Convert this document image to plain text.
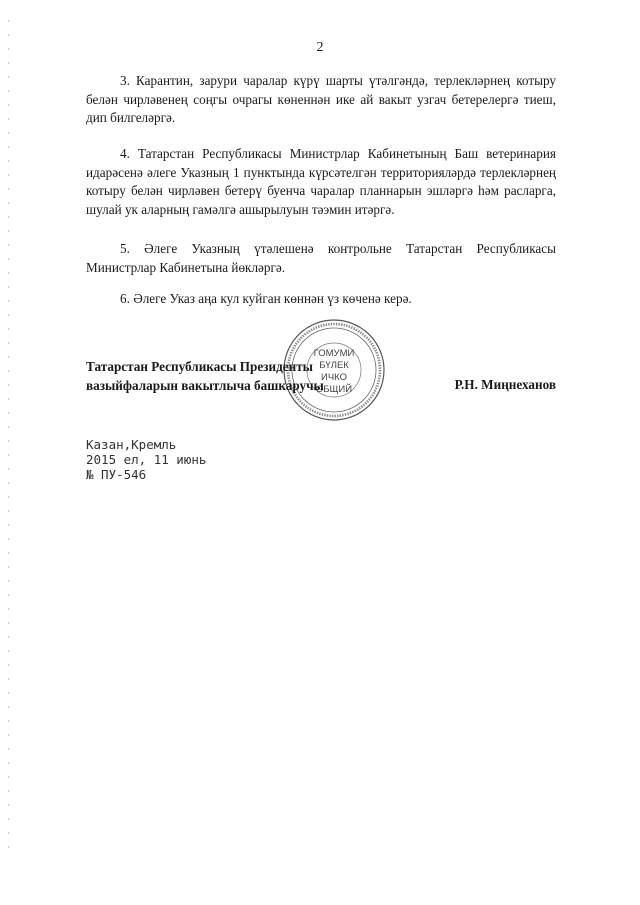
2
3. Карантин, зарури чаралар күрү шарты үтәлгәндә, терлекләрнең котыру белән чирләвенең соңгы очрагы көненнән ике ай вакыт узгач бетерелергә тиеш, дип билгеләргә.
4. Татарстан Республикасы Министрлар Кабинетының Баш ветеринария идарәсенә әлеге Указның 1 пунктында күрсәтелгән территорияләрдә терлекләрнең котыру белән чирләвен бетерү буенча чаралар планнарын эшләргә һәм расларга, шулай ук аларның гамәлгә ашырылуын тәэмин итәргә.
5. Әлеге Указның үтәлешенә контрольне Татарстан Республикасы Министрлар Кабинетына йөкләргә.
6. Әлеге Указ аңа кул куйган көннән үз көченә керә.
ГОМУМИ
БҮЛЕК
ИЧКО
ОБЩИЙ
Татарстан Республикасы Президенты
вазыйфаларын вакытлыча башкаручы	Р.Н. Миңнеханов
Казан,Кремль
2015 ел, 11 июнь
№ ПУ-546
